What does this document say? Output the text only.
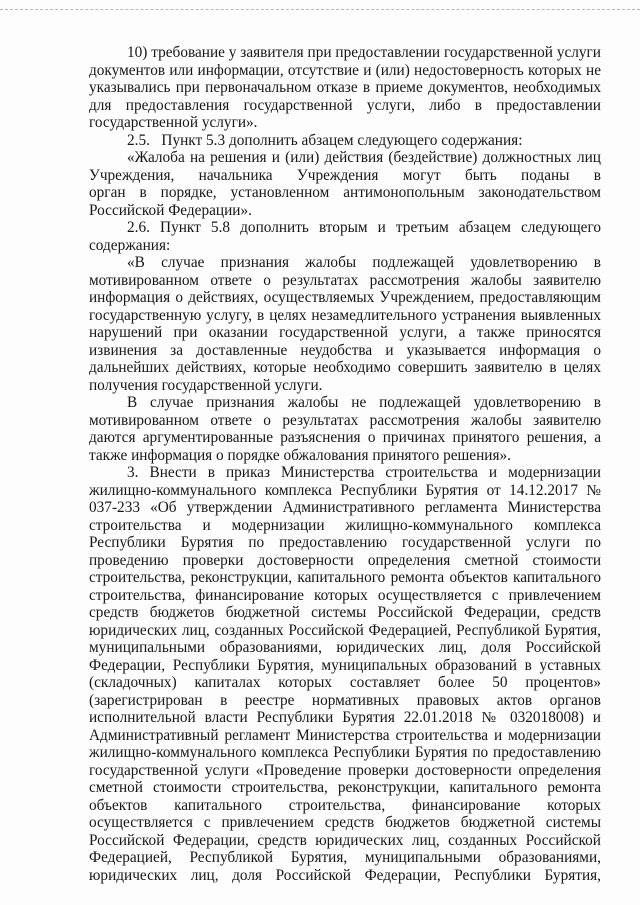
10) требование у заявителя при предоставлении государственной услуги
документов или информации, отсутствие и (или) недостоверность которых не
указывались при первоначальном отказе в приеме документов, необходимых
для предоставления государственной услуги, либо в предоставлении
государственной услуги».
2.5.   Пункт 5.3 дополнить абзацем следующего содержания:
«Жалоба на решения и (или) действия (бездействие) должностных лиц
Учреждения, начальника Учреждения могут быть поданы в
орган в порядке, установленном антимонопольным законодательством
Российской Федерации».
2.6. Пункт 5.8 дополнить вторым и третьим абзацем следующего
содержания:
«В случае признания жалобы подлежащей удовлетворению в
мотивированном ответе о результатах рассмотрения жалобы заявителю
информация о действиях, осуществляемых Учреждением, предоставляющим
государственную услугу, в целях незамедлительного устранения выявленных
нарушений при оказании государственной услуги, а также приносятся
извинения за доставленные неудобства и указывается информация о
дальнейших действиях, которые необходимо совершить заявителю в целях
получения государственной услуги.
В случае признания жалобы не подлежащей удовлетворению в
мотивированном ответе о результатах рассмотрения жалобы заявителю
даются аргументированные разъяснения о причинах принятого решения, а
также информация о порядке обжалования принятого решения».
3. Внести в приказ Министерства строительства и модернизации
жилищно-коммунального комплекса Республики Бурятия от 14.12.2017 №
037-233 «Об утверждении Административного регламента Министерства
строительства и модернизации жилищно-коммунального комплекса
Республики Бурятия по предоставлению государственной услуги по
проведению проверки достоверности определения сметной стоимости
строительства, реконструкции, капитального ремонта объектов капитального
строительства, финансирование которых осуществляется с привлечением
средств бюджетов бюджетной системы Российской Федерации, средств
юридических лиц, созданных Российской Федерацией, Республикой Бурятия,
муниципальными образованиями, юридических лиц, доля Российской
Федерации, Республики Бурятия, муниципальных образований в уставных
(складочных) капиталах которых составляет более 50 процентов»
(зарегистрирован в реестре нормативных правовых актов органов
исполнительной власти Республики Бурятия 22.01.2018 № 032018008) и
Административный регламент Министерства строительства и модернизации
жилищно-коммунального комплекса Республики Бурятия по предоставлению
государственной услуги «Проведение проверки достоверности определения
сметной стоимости строительства, реконструкции, капитального ремонта
объектов капитального строительства, финансирование которых
осуществляется с привлечением средств бюджетов бюджетной системы
Российской Федерации, средств юридических лиц, созданных Российской
Федерацией, Республикой Бурятия, муниципальными образованиями,
юридических лиц, доля Российской Федерации, Республики Бурятия,
